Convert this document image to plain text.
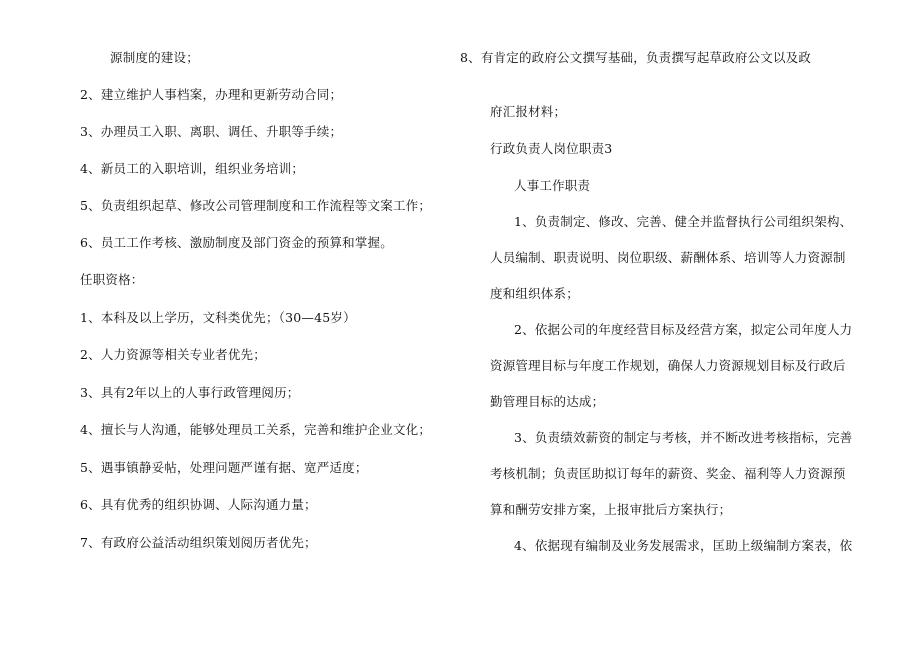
源制度的建设；
2、建立维护人事档案，办理和更新劳动合同；
3、办理员工入职、离职、调任、升职等手续；
4、新员工的入职培训，组织业务培训；
5、负责组织起草、修改公司管理制度和工作流程等文案工作；
6、员工工作考核、激励制度及部门资金的预算和掌握。
任职资格：
1、本科及以上学历，文科类优先；（30—45岁）
2、人力资源等相关专业者优先；
3、具有2年以上的人事行政管理阅历；
4、擅长与人沟通，能够处理员工关系，完善和维护企业文化；
5、遇事镇静妥帖，处理问题严谨有据、宽严适度；
6、具有优秀的组织协调、人际沟通力量；
7、有政府公益活动组织策划阅历者优先；
8、有肯定的政府公文撰写基础，负责撰写起草政府公文以及政
府汇报材料；
行政负责人岗位职责3
人事工作职责
1、负责制定、修改、完善、健全并监督执行公司组织架构、
人员编制、职责说明、岗位职级、薪酬体系、培训等人力资源制
度和组织体系；
2、依据公司的年度经营目标及经营方案，拟定公司年度人力
资源管理目标与年度工作规划，确保人力资源规划目标及行政后
勤管理目标的达成；
3、负责绩效薪资的制定与考核，并不断改进考核指标，完善
考核机制；负责匡助拟订每年的薪资、奖金、福利等人力资源预
算和酬劳安排方案，上报审批后方案执行；
4、依据现有编制及业务发展需求，匡助上级编制方案表，依
